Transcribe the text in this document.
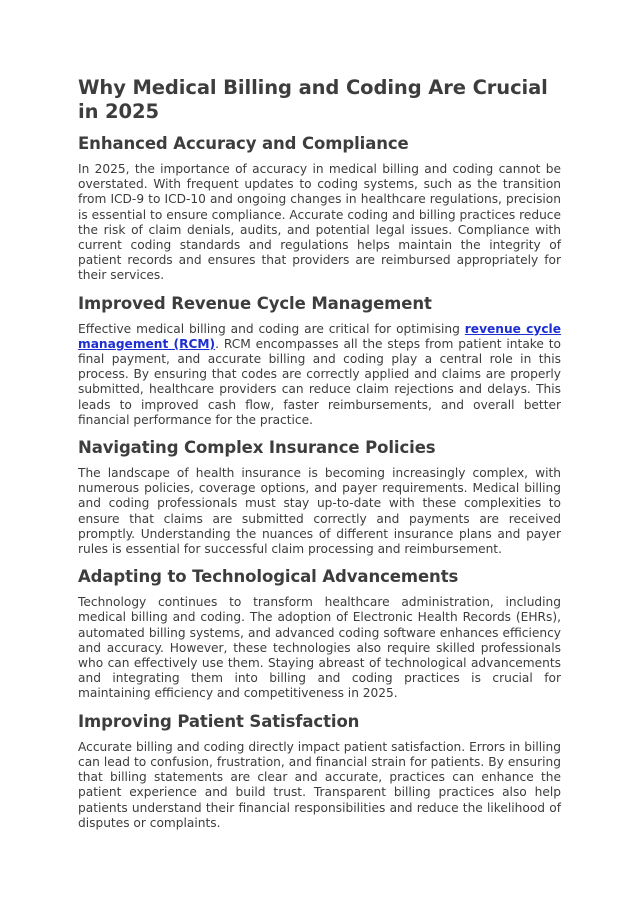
Why Medical Billing and Coding Are Crucial in 2025
Enhanced Accuracy and Compliance

In 2025, the importance of accuracy in medical billing and coding cannot be overstated. With frequent updates to coding systems, such as the transition from ICD-9 to ICD-10 and ongoing changes in healthcare regulations, precision is essential to ensure compliance. Accurate coding and billing practices reduce the risk of claim denials, audits, and potential legal issues. Compliance with current coding standards and regulations helps maintain the integrity of patient records and ensures that providers are reimbursed appropriately for their services.

Improved Revenue Cycle Management

Effective medical billing and coding are critical for optimising revenue cycle management (RCM). RCM encompasses all the steps from patient intake to final payment, and accurate billing and coding play a central role in this process. By ensuring that codes are correctly applied and claims are properly submitted, healthcare providers can reduce claim rejections and delays. This leads to improved cash flow, faster reimbursements, and overall better financial performance for the practice.

Navigating Complex Insurance Policies

The landscape of health insurance is becoming increasingly complex, with numerous policies, coverage options, and payer requirements. Medical billing and coding professionals must stay up-to-date with these complexities to ensure that claims are submitted correctly and payments are received promptly. Understanding the nuances of different insurance plans and payer rules is essential for successful claim processing and reimbursement.

Adapting to Technological Advancements

Technology continues to transform healthcare administration, including medical billing and coding. The adoption of Electronic Health Records (EHRs), automated billing systems, and advanced coding software enhances efficiency and accuracy. However, these technologies also require skilled professionals who can effectively use them. Staying abreast of technological advancements and integrating them into billing and coding practices is crucial for maintaining efficiency and competitiveness in 2025.

Improving Patient Satisfaction

Accurate billing and coding directly impact patient satisfaction. Errors in billing can lead to confusion, frustration, and financial strain for patients. By ensuring that billing statements are clear and accurate, practices can enhance the patient experience and build trust. Transparent billing practices also help patients understand their financial responsibilities and reduce the likelihood of disputes or complaints.
